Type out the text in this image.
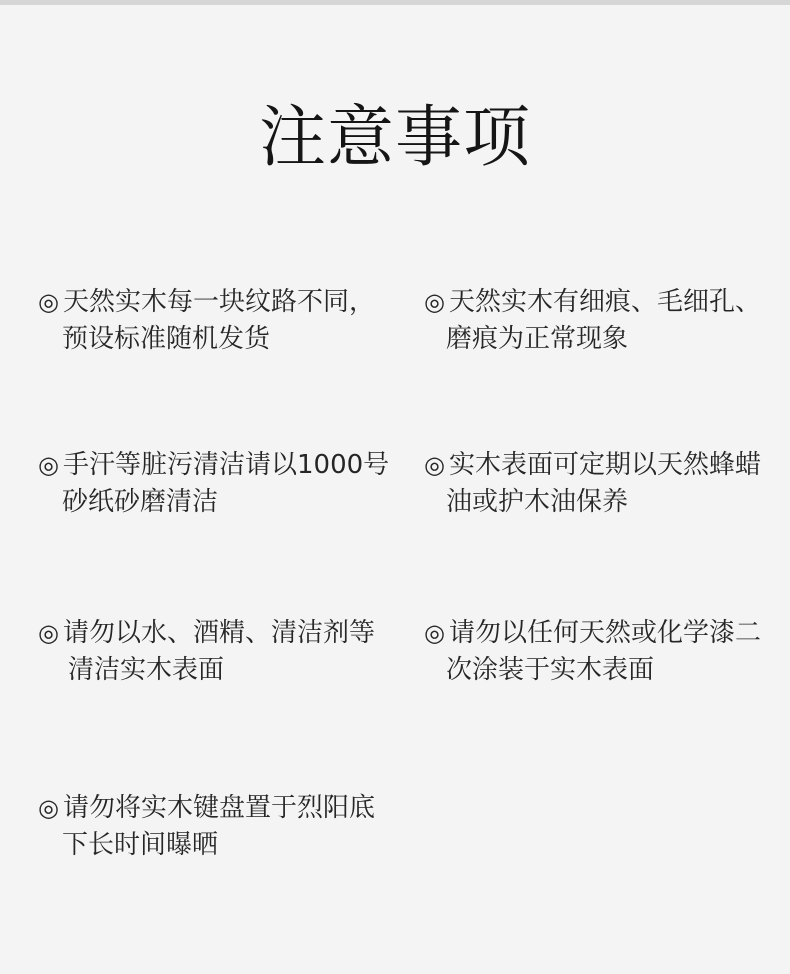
注意事项
◎ 天然实木每一块纹路不同，
预设标准随机发货
◎ 天然实木有细痕、毛细孔、
磨痕为正常现象
◎ 手汗等脏污清洁请以1000号
砂纸砂磨清洁
◎ 实木表面可定期以天然蜂蜡
油或护木油保养
◎ 请勿以水、酒精、清洁剂等
清洁实木表面
◎ 请勿以任何天然或化学漆二
次涂装于实木表面
◎ 请勿将实木键盘置于烈阳底
下长时间曝晒
